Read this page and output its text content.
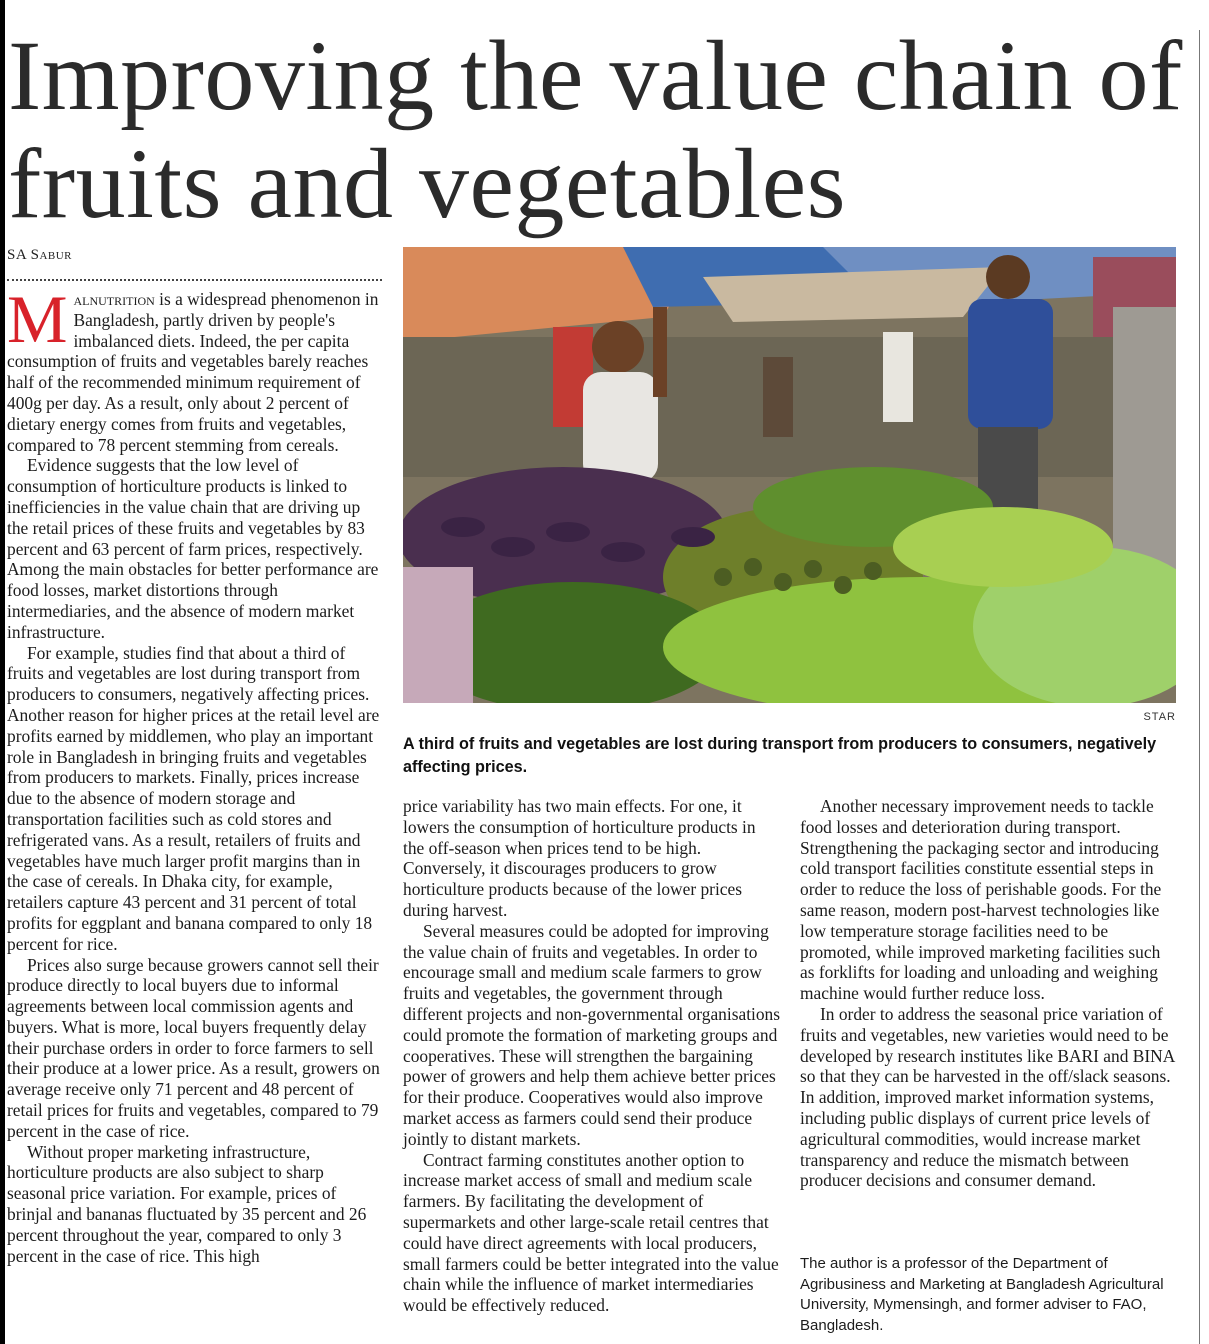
Improving the value chain of fruits and vegetables
SA Sabur

Malnutrition is a widespread phenomenon in Bangladesh, partly driven by people's imbalanced diets. Indeed, the per capita consumption of fruits and vegetables barely reaches half of the recommended minimum requirement of 400g per day. As a result, only about 2 percent of dietary energy comes from fruits and vegetables, compared to 78 percent stemming from cereals.

Evidence suggests that the low level of consumption of horticulture products is linked to inefficiencies in the value chain that are driving up the retail prices of these fruits and vegetables by 83 percent and 63 percent of farm prices, respectively. Among the main obstacles for better performance are food losses, market distortions through intermediaries, and the absence of modern market infrastructure.

For example, studies find that about a third of fruits and vegetables are lost during transport from producers to consumers, negatively affecting prices. Another reason for higher prices at the retail level are profits earned by middlemen, who play an important role in Bangladesh in bringing fruits and vegetables from producers to markets. Finally, prices increase due to the absence of modern storage and transportation facilities such as cold stores and refrigerated vans. As a result, retailers of fruits and vegetables have much larger profit margins than in the case of cereals. In Dhaka city, for example, retailers capture 43 percent and 31 percent of total profits for eggplant and banana compared to only 18 percent for rice.

Prices also surge because growers cannot sell their produce directly to local buyers due to informal agreements between local commission agents and buyers. What is more, local buyers frequently delay their purchase orders in order to force farmers to sell their produce at a lower price. As a result, growers on average receive only 71 percent and 48 percent of retail prices for fruits and vegetables, compared to 79 percent in the case of rice.

Without proper marketing infrastructure, horticulture products are also subject to sharp seasonal price variation. For example, prices of brinjal and bananas fluctuated by 35 percent and 26 percent throughout the year, compared to only 3 percent in the case of rice. This high

STAR
A third of fruits and vegetables are lost during transport from producers to consumers, negatively affecting prices.

price variability has two main effects. For one, it lowers the consumption of horticulture products in the off-season when prices tend to be high. Conversely, it discourages producers to grow horticulture products because of the lower prices during harvest.

Several measures could be adopted for improving the value chain of fruits and vegetables. In order to encourage small and medium scale farmers to grow fruits and vegetables, the government through different projects and non-governmental organisations could promote the formation of marketing groups and cooperatives. These will strengthen the bargaining power of growers and help them achieve better prices for their produce. Cooperatives would also improve market access as farmers could send their produce jointly to distant markets.

Contract farming constitutes another option to increase market access of small and medium scale farmers. By facilitating the development of supermarkets and other large-scale retail centres that could have direct agreements with local producers, small farmers could be better integrated into the value chain while the influence of market intermediaries would be effectively reduced.

Another necessary improvement needs to tackle food losses and deterioration during transport. Strengthening the packaging sector and introducing cold transport facilities constitute essential steps in order to reduce the loss of perishable goods. For the same reason, modern post-harvest technologies like low temperature storage facilities need to be promoted, while improved marketing facilities such as forklifts for loading and unloading and weighing machine would further reduce loss.

In order to address the seasonal price variation of fruits and vegetables, new varieties would need to be developed by research institutes like BARI and BINA so that they can be harvested in the off/slack seasons. In addition, improved market information systems, including public displays of current price levels of agricultural commodities, would increase market transparency and reduce the mismatch between producer decisions and consumer demand.

The author is a professor of the Department of Agribusiness and Marketing at Bangladesh Agricultural University, Mymensingh, and former adviser to FAO, Bangladesh.
